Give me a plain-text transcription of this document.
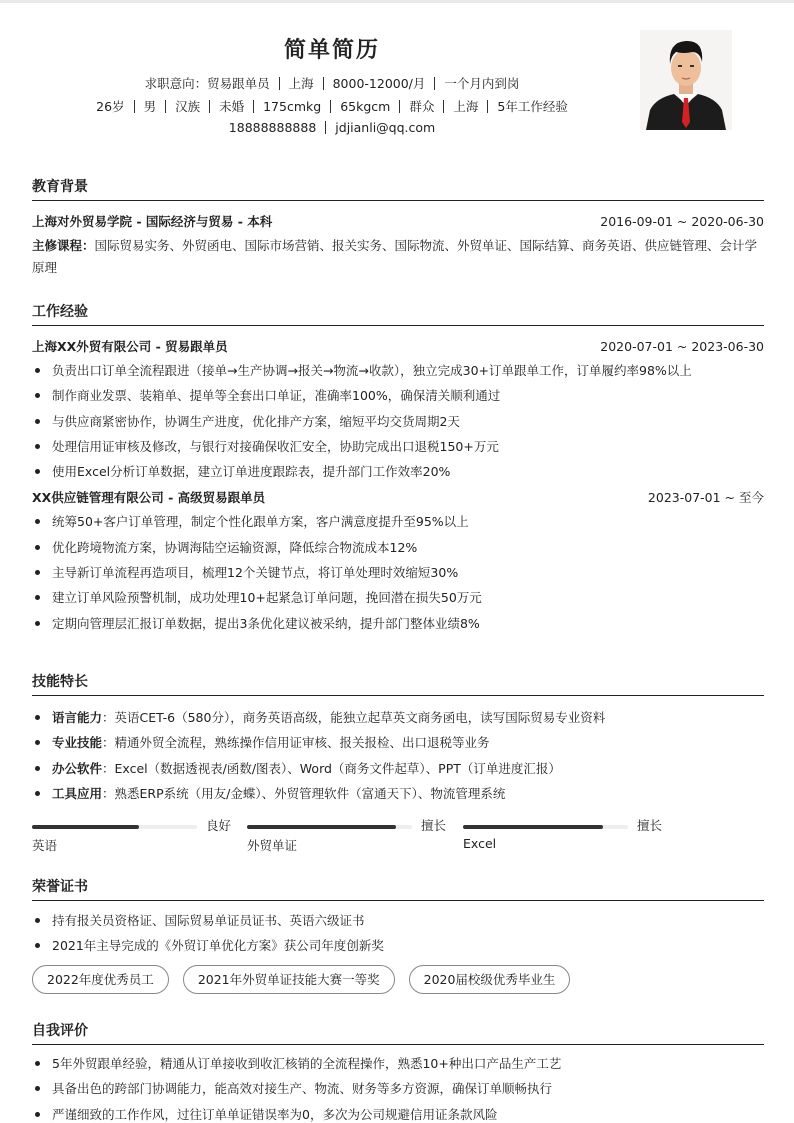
简单简历
求职意向：贸易跟单员 上海 8000-12000/月 一个月内到岗
26岁 男 汉族 未婚 175cmkg 65kgcm 群众 上海 5年工作经验
18888888888 jdjianli@qq.com
教育背景
上海对外贸易学院 - 国际经济与贸易 - 本科	2016-09-01 ~ 2020-06-30
主修课程：国际贸易实务、外贸函电、国际市场营销、报关实务、国际物流、外贸单证、国际结算、商务英语、供应链管理、会计学原理
工作经验
上海XX外贸有限公司 - 贸易跟单员	2020-07-01 ~ 2023-06-30
负责出口订单全流程跟进（接单→生产协调→报关→物流→收款），独立完成30+订单跟单工作，订单履约率98%以上
制作商业发票、装箱单、提单等全套出口单证，准确率100%，确保清关顺利通过
与供应商紧密协作，协调生产进度，优化排产方案，缩短平均交货周期2天
处理信用证审核及修改，与银行对接确保收汇安全，协助完成出口退税150+万元
使用Excel分析订单数据，建立订单进度跟踪表，提升部门工作效率20%
XX供应链管理有限公司 - 高级贸易跟单员	2023-07-01 ~ 至今
统筹50+客户订单管理，制定个性化跟单方案，客户满意度提升至95%以上
优化跨境物流方案，协调海陆空运输资源，降低综合物流成本12%
主导新订单流程再造项目，梳理12个关键节点，将订单处理时效缩短30%
建立订单风险预警机制，成功处理10+起紧急订单问题，挽回潜在损失50万元
定期向管理层汇报订单数据，提出3条优化建议被采纳，提升部门整体业绩8%
技能特长
语言能力：英语CET-6（580分），商务英语高级，能独立起草英文商务函电，读写国际贸易专业资料
专业技能：精通外贸全流程，熟练操作信用证审核、报关报检、出口退税等业务
办公软件：Excel（数据透视表/函数/图表）、Word（商务文件起草）、PPT（订单进度汇报）
工具应用：熟悉ERP系统（用友/金蝶）、外贸管理软件（富通天下）、物流管理系统
良好
英语
擅长
外贸单证
擅长
Excel
荣誉证书
持有报关员资格证、国际贸易单证员证书、英语六级证书
2021年主导完成的《外贸订单优化方案》获公司年度创新奖
2022年度优秀员工	2021年外贸单证技能大赛一等奖	2020届校级优秀毕业生
自我评价
5年外贸跟单经验，精通从订单接收到收汇核销的全流程操作，熟悉10+种出口产品生产工艺
具备出色的跨部门协调能力，能高效对接生产、物流、财务等多方资源，确保订单顺畅执行
严谨细致的工作作风，过往订单单证错误率为0，多次为公司规避信用证条款风险
